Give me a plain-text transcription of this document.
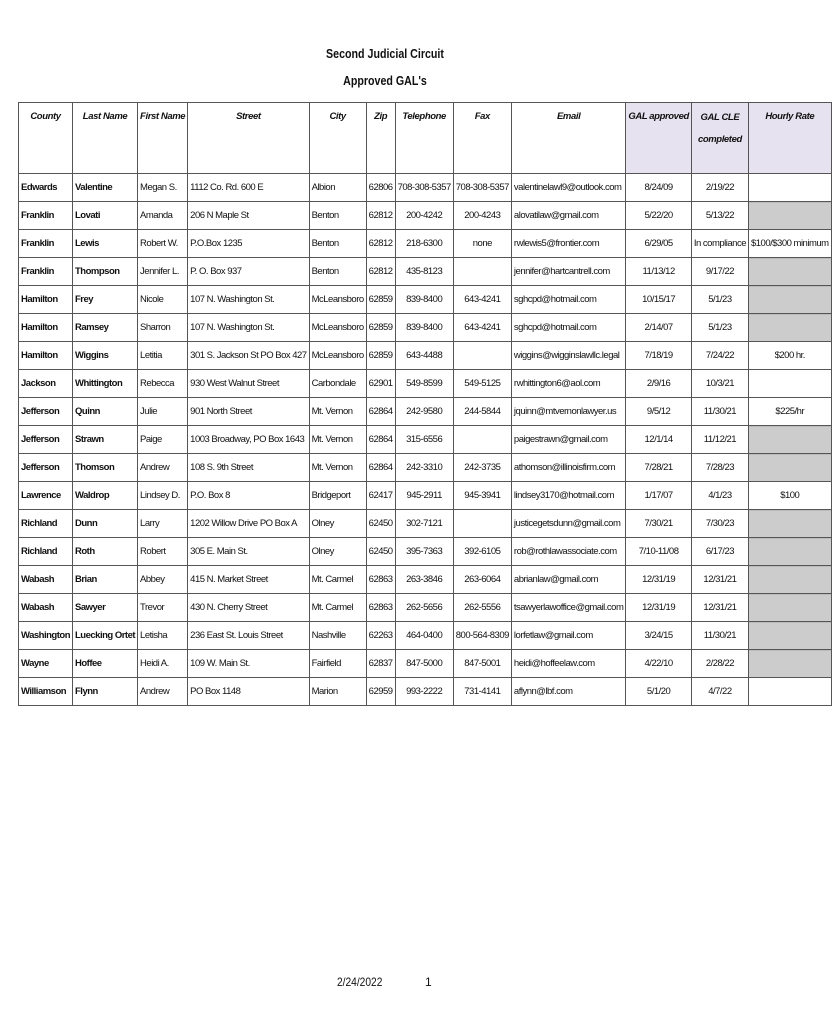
Second Judicial Circuit
Approved GAL's
County	Last Name	First Name	Street	City	Zip	Telephone	Fax	Email	GAL approved	GAL CLE completed	Hourly Rate
Edwards	Valentine	Megan S.	1112 Co. Rd. 600 E	Albion	62806	708-308-5357	708-308-5357	valentinelawl9@outlook.com	8/24/09	2/19/22	
Franklin	Lovati	Amanda	206 N Maple St	Benton	62812	200-4242	200-4243	alovatilaw@gmail.com	5/22/20	5/13/22	
Franklin	Lewis	Robert W.	P.O.Box 1235	Benton	62812	218-6300	none	rwlewis5@frontier.com	6/29/05	In compliance	$100/$300 minimum
Franklin	Thompson	Jennifer L.	P. O. Box 937	Benton	62812	435-8123		jennifer@hartcantrell.com	11/13/12	9/17/22	
Hamilton	Frey	Nicole	107 N. Washington St.	McLeansboro	62859	839-8400	643-4241	sghcpd@hotmail.com	10/15/17	5/1/23	
Hamilton	Ramsey	Sharron	107 N. Washington St.	McLeansboro	62859	839-8400	643-4241	sghcpd@hotmail.com	2/14/07	5/1/23	
Hamilton	Wiggins	Letitia	301 S. Jackson St PO Box 427	McLeansboro	62859	643-4488		wiggins@wigginslawllc.legal	7/18/19	7/24/22	$200 hr.
Jackson	Whittington	Rebecca	930 West Walnut Street	Carbondale	62901	549-8599	549-5125	rwhittington6@aol.com	2/9/16	10/3/21	
Jefferson	Quinn	Julie	901 North Street	Mt. Vernon	62864	242-9580	244-5844	jquinn@mtvernonlawyer.us	9/5/12	11/30/21	$225/hr
Jefferson	Strawn	Paige	1003 Broadway, PO Box 1643	Mt. Vernon	62864	315-6556		paigestrawn@gmail.com	12/1/14	11/12/21	
Jefferson	Thomson	Andrew	108 S. 9th Street	Mt. Vernon	62864	242-3310	242-3735	athomson@illinoisfirm.com	7/28/21	7/28/23	
Lawrence	Waldrop	Lindsey D.	P.O. Box 8	Bridgeport	62417	945-2911	945-3941	lindsey3170@hotmail.com	1/17/07	4/1/23	$100
Richland	Dunn	Larry	1202 Willow Drive PO Box A	Olney	62450	302-7121		justicegetsdunn@gmail.com	7/30/21	7/30/23	
Richland	Roth	Robert	305 E. Main St.	Olney	62450	395-7363	392-6105	rob@rothlawassociate.com	7/10-11/08	6/17/23	
Wabash	Brian	Abbey	415 N. Market Street	Mt. Carmel	62863	263-3846	263-6064	abrianlaw@gmail.com	12/31/19	12/31/21	
Wabash	Sawyer	Trevor	430 N. Cherry Street	Mt. Carmel	62863	262-5656	262-5556	tsawyerlawoffice@gmail.com	12/31/19	12/31/21	
Washington	Luecking Ortet	Letisha	236 East St. Louis Street	Nashville	62263	464-0400	800-564-8309	lorfetlaw@gmail.com	3/24/15	11/30/21	
Wayne	Hoffee	Heidi A.	109 W. Main St.	Fairfield	62837	847-5000	847-5001	heidi@hoffeelaw.com	4/22/10	2/28/22	
Williamson	Flynn	Andrew	PO Box 1148	Marion	62959	993-2222	731-4141	aflynn@lbf.com	5/1/20	4/7/22	
2/24/2022	1
